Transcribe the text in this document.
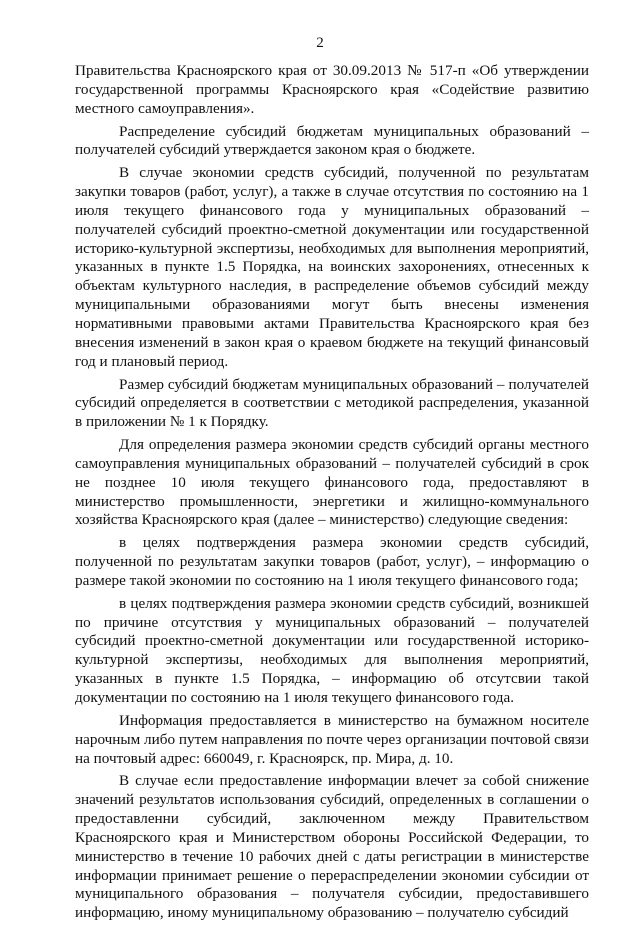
2

Правительства Красноярского края от 30.09.2013 № 517-п «Об утверждении государственной программы Красноярского края «Содействие развитию местного самоуправления».

Распределение субсидий бюджетам муниципальных образований – получателей субсидий утверждается законом края о бюджете.

В случае экономии средств субсидий, полученной по результатам закупки товаров (работ, услуг), а также в случае отсутствия по состоянию на 1 июля текущего финансового года у муниципальных образований – получателей субсидий проектно-сметной документации или государственной историко-культурной экспертизы, необходимых для выполнения мероприятий, указанных в пункте 1.5 Порядка, на воинских захоронениях, отнесенных к объектам культурного наследия, в распределение объемов субсидий между муниципальными образованиями могут быть внесены изменения нормативными правовыми актами Правительства Красноярского края без внесения изменений в закон края о краевом бюджете на текущий финансовый год и плановый период.

Размер субсидий бюджетам муниципальных образований – получателей субсидий определяется в соответствии с методикой распределения, указанной в приложении № 1 к Порядку.

Для определения размера экономии средств субсидий органы местного самоуправления муниципальных образований – получателей субсидий в срок не позднее 10 июля текущего финансового года, предоставляют в министерство промышленности, энергетики и жилищно-коммунального хозяйства Красноярского края (далее – министерство) следующие сведения:

в целях подтверждения размера экономии средств субсидий, полученной по результатам закупки товаров (работ, услуг), – информацию о размере такой экономии по состоянию на 1 июля текущего финансового года;

в целях подтверждения размера экономии средств субсидий, возникшей по причине отсутствия у муниципальных образований – получателей субсидий проектно-сметной документации или государственной историко-культурной экспертизы, необходимых для выполнения мероприятий, указанных в пункте 1.5 Порядка, – информацию об отсутсвии такой документации по состоянию на 1 июля текущего финансового года.

Информация предоставляется в министерство на бумажном носителе нарочным либо путем направления по почте через организации почтовой связи на почтовый адрес: 660049, г. Красноярск, пр. Мира, д. 10.

В случае если предоставление информации влечет за собой снижение значений результатов использования субсидий, определенных в соглашении о предоставленни субсидий, заключенном между Правительством Красноярского края и Министерством обороны Российской Федерации, то министерство в течение 10 рабочих дней с даты регистрации в министерстве информации принимает решение о перераспределении экономии субсидии от муниципального образования – получателя субсидии, предоставившего информацию, иному муниципальному образованию – получателю субсидий
